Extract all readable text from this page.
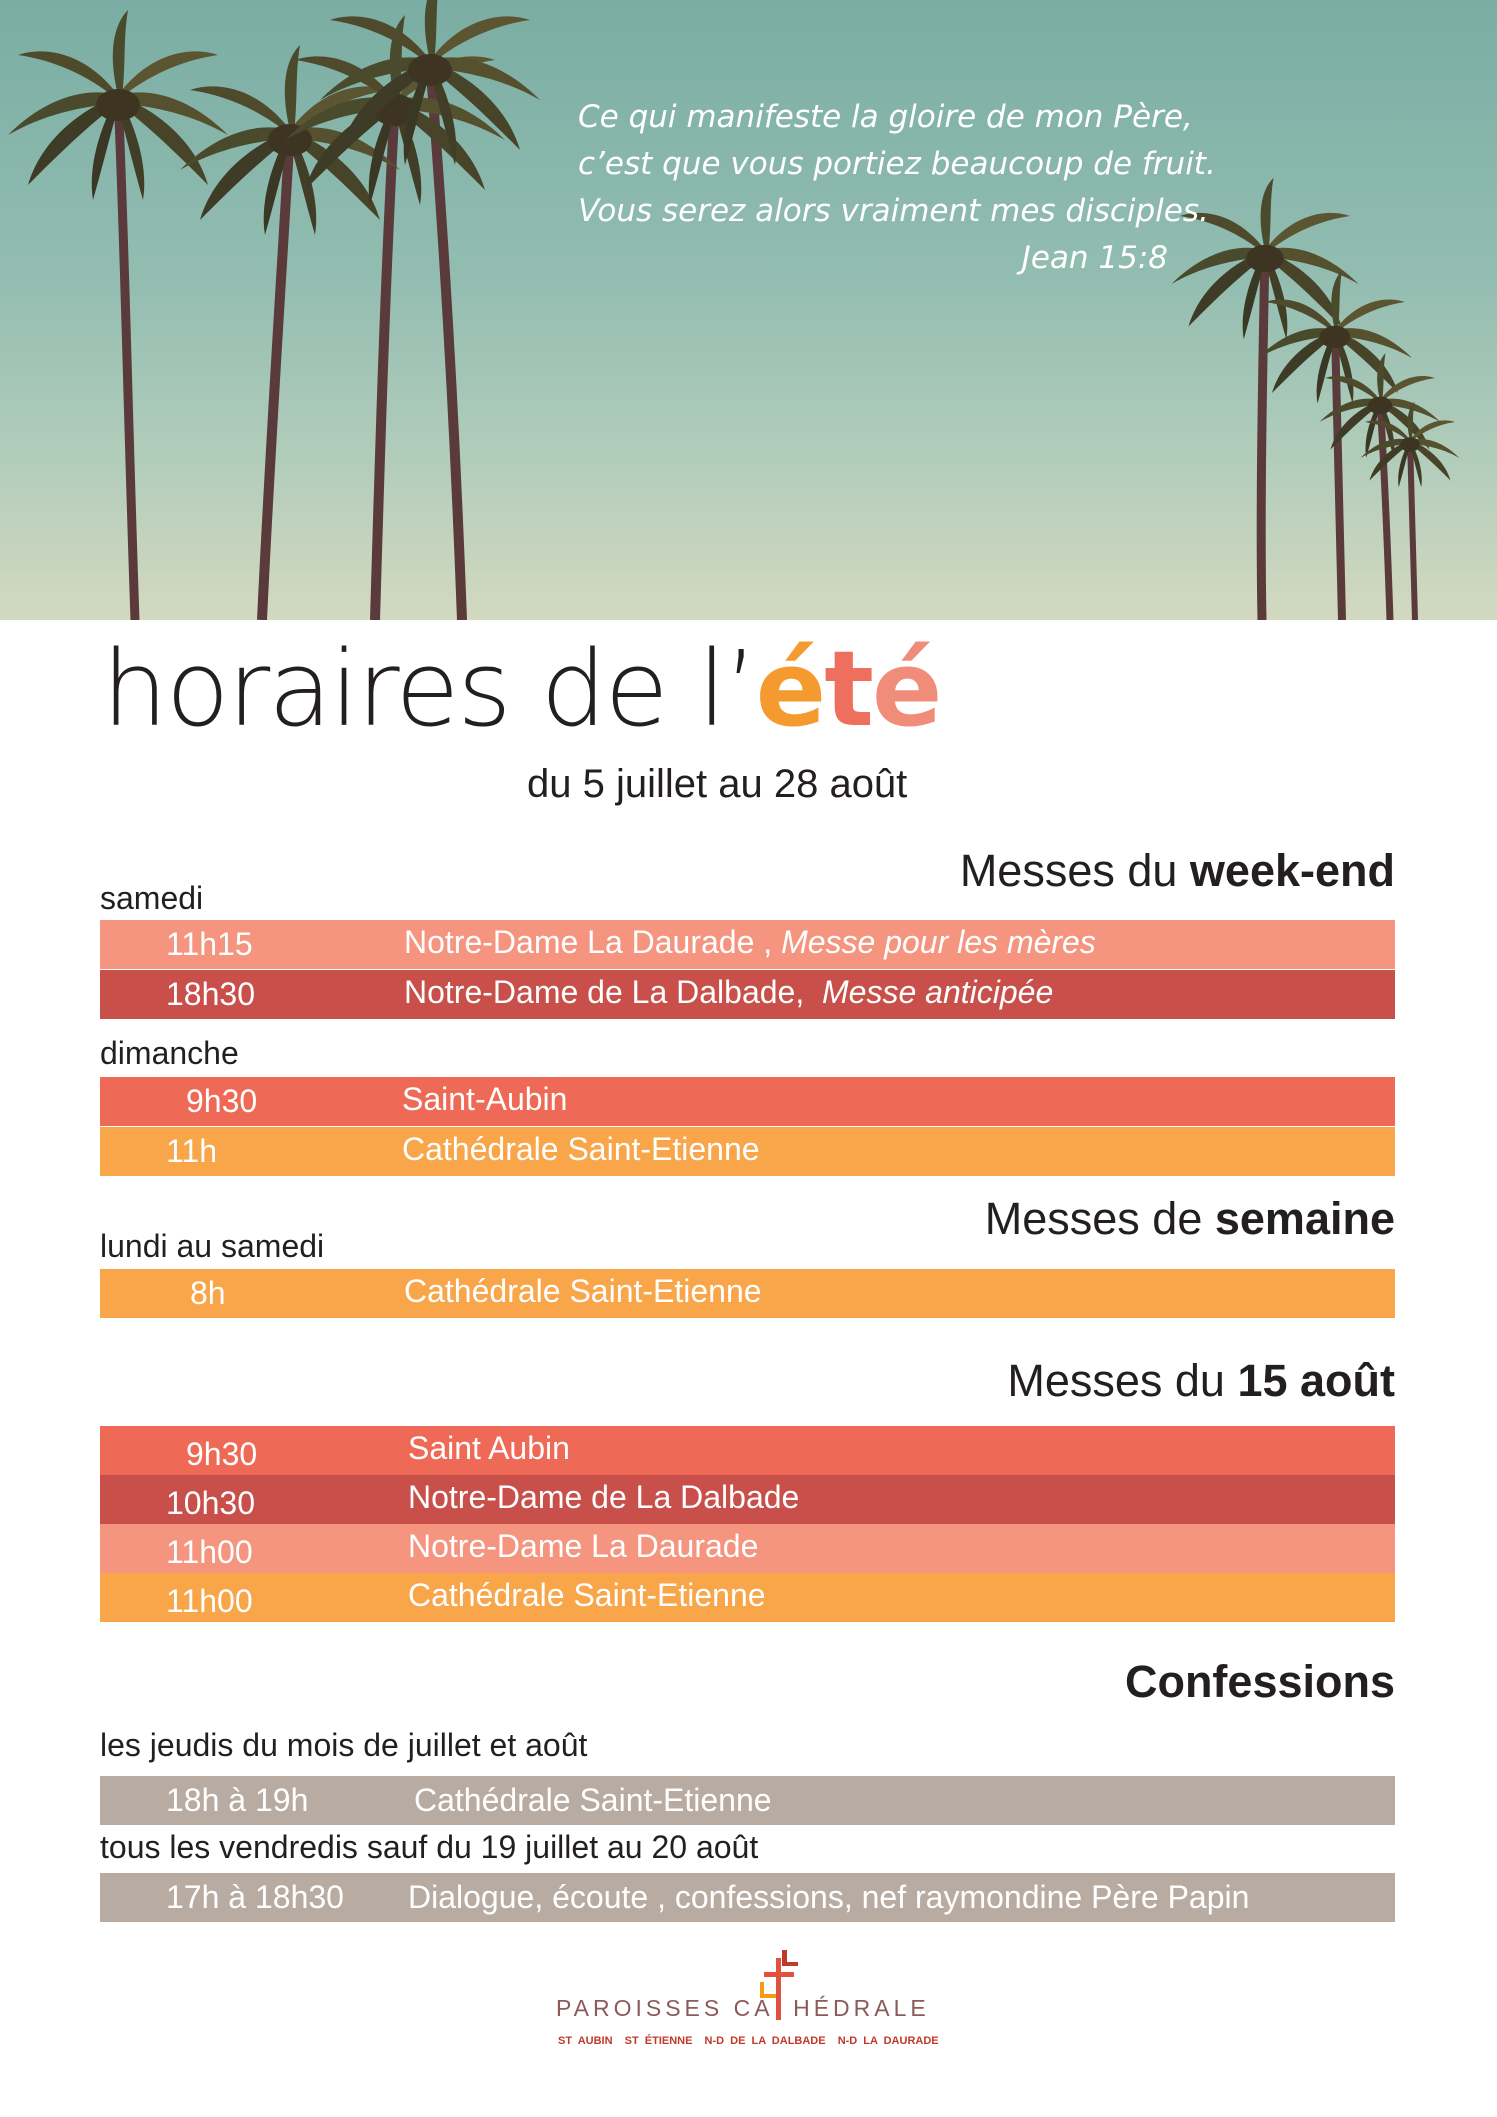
Ce qui manifeste la gloire de mon Père,
c’est que vous portiez beaucoup de fruit.
Vous serez alors vraiment mes disciples.
Jean 15:8
horaires de l’été
du 5 juillet au 28 août
Messes du week-end
samedi
11h15	Notre-Dame La Daurade , Messe pour les mères
18h30	Notre-Dame de La Dalbade,  Messe anticipée
dimanche
9h30	Saint-Aubin
11h	Cathédrale Saint-Etienne
Messes de semaine
lundi au samedi
8h	Cathédrale Saint-Etienne
Messes du 15 août
9h30	Saint Aubin
10h30	Notre-Dame de La Dalbade
11h00	Notre-Dame La Daurade
11h00	Cathédrale Saint-Etienne
Confessions
les jeudis du mois de juillet et août
18h à 19h	Cathédrale Saint-Etienne
tous les vendredis sauf du 19 juillet au 20 août
17h à 18h30 Dialogue, écoute , confessions, nef raymondine Père Papin
PAROISSES CA  HÉDRALE
ST AUBIN  ST ÉTIENNE  N-D DE LA DALBADE  N-D LA DAURADE
